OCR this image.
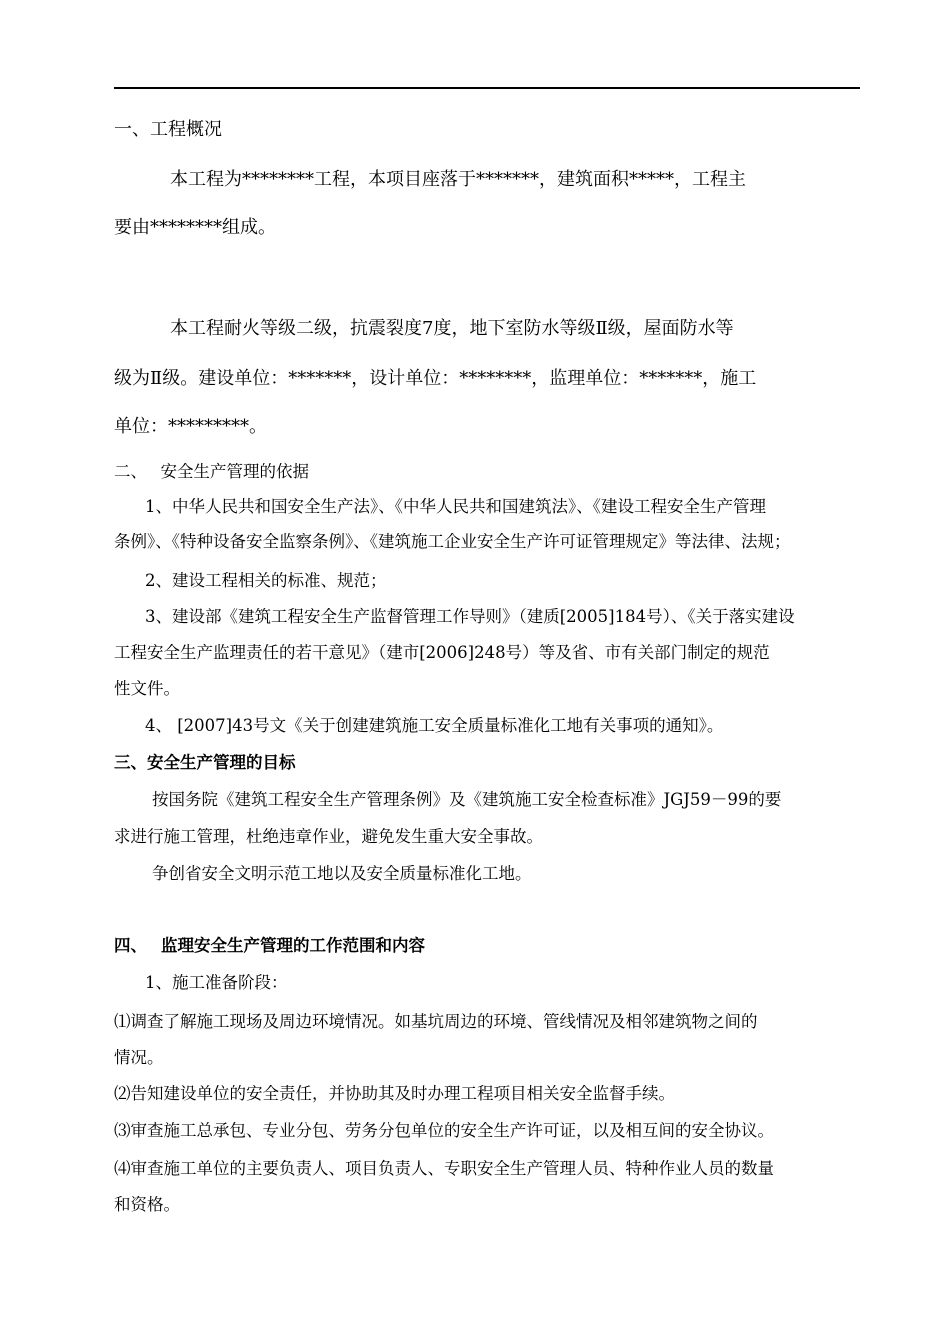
一、工程概况

本工程为********工程，本项目座落于*******，建筑面积*****，工程主

要由********组成。

本工程耐火等级二级，抗震裂度7度，地下室防水等级Ⅱ级，屋面防水等

级为Ⅱ级。建设单位：*******，设计单位：********，监理单位：*******，施工

单位：*********。

二、　 安全生产管理的依据

1、中华人民共和国安全生产法》、《中华人民共和国建筑法》、《建设工程安全生产管理

条例》、《特种设备安全监察条例》、《建筑施工企业安全生产许可证管理规定》等法律、法规；

2、建设工程相关的标准、规范；

3、建设部《建筑工程安全生产监督管理工作导则》（建质[2005]184号）、《关于落实建设

工程安全生产监理责任的若干意见》（建市[2006]248号）等及省、市有关部门制定的规范

性文件。

4、 [2007]43号文《关于创建建筑施工安全质量标准化工地有关事项的通知》。

三、安全生产管理的目标

按国务院《建筑工程安全生产管理条例》及《建筑施工安全检查标准》JGJ59－99的要

求进行施工管理，杜绝违章作业，避免发生重大安全事故。

争创省安全文明示范工地以及安全质量标准化工地。

四、　 监理安全生产管理的工作范围和内容

1、施工准备阶段：

⑴调查了解施工现场及周边环境情况。如基坑周边的环境、管线情况及相邻建筑物之间的

情况。

⑵告知建设单位的安全责任，并协助其及时办理工程项目相关安全监督手续。

⑶审查施工总承包、专业分包、劳务分包单位的安全生产许可证，以及相互间的安全协议。

⑷审查施工单位的主要负责人、项目负责人、专职安全生产管理人员、特种作业人员的数量

和资格。
